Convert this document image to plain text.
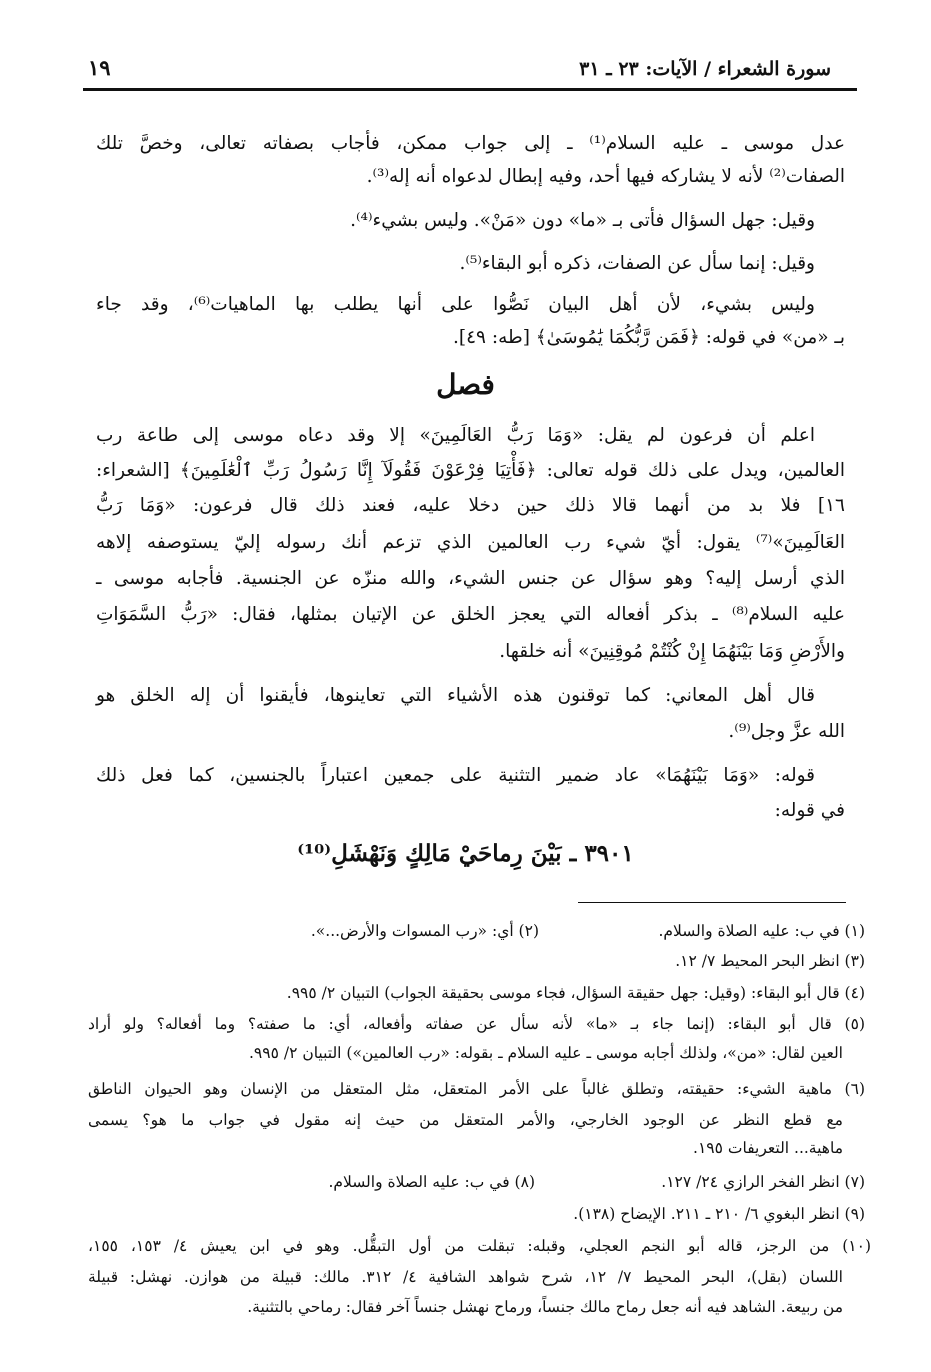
سورة الشعراء / الآيات: ٢٣ ـ ٣١
١٩
عدل موسى ـ عليه السلام⁽¹⁾ ـ إلى جواب ممكن، فأجاب بصفاته تعالى، وخصَّ تلك
الصفات⁽²⁾ لأنه لا يشاركه فيها أحد، وفيه إبطال لدعواه أنه إله⁽³⁾.
وقيل: جهل السؤال فأتى بـ «ما» دون «مَنْ». وليس بشيء⁽⁴⁾.
وقيل: إنما سأل عن الصفات، ذكره أبو البقاء⁽⁵⁾.
وليس بشيء، لأن أهل البيان نَصُّوا على أنها يطلب بها الماهيات⁽⁶⁾، وقد جاء
بـ «من» في قوله: ﴿فَمَن رَّبُّكُمَا يَٰمُوسَىٰ﴾ [طه: ٤٩].
فصل
اعلم أن فرعون لم يقل: «وَمَا رَبُّ العَالَمِينَ» إلا وقد دعاه موسى إلى طاعة رب
العالمين، ويدل على ذلك قوله تعالى: ﴿فَأْتِيَا فِرْعَوْنَ فَقُولَآ إِنَّا رَسُولُ رَبِّ ٱلْعَٰلَمِينَ﴾ [الشعراء:
١٦] فلا بد من أنهما قالا ذلك حين دخلا عليه، فعند ذلك قال فرعون: «وَمَا رَبُّ
العَالَمِينَ»⁽⁷⁾ يقول: أيّ شيء رب العالمين الذي تزعم أنك رسوله إليّ يستوصفه إلاهه
الذي أرسل إليه؟ وهو سؤال عن جنس الشيء، والله منزّه عن الجنسية. فأجابه موسى ـ
عليه السلام⁽⁸⁾ ـ بذكر أفعاله التي يعجز الخلق عن الإتيان بمثلها، فقال: «رَبُّ السَّمَوَاتِ
والأَرْضِ وَمَا بَيْنَهُمَا إِنْ كُنْتُمْ مُوقِنِينَ» أنه خلقها.
قال أهل المعاني: كما توقنون هذه الأشياء التي تعاينوها، فأيقنوا أن إله الخلق هو
الله عزَّ وجل⁽⁹⁾.
قوله: «وَمَا بَيْنَهُمَا» عاد ضمير التثنية على جمعين اعتباراً بالجنسين، كما فعل ذلك
في قوله:
٣٩٠١ ـ بَيْنَ رِماحَيْ مَالِكٍ وَنَهْشَلِ⁽¹⁰⁾
(١) في ب: عليه الصلاة والسلام.
(٢) أي: «رب المسوات والأرض...».
(٣) انظر البحر المحيط ٧/ ١٢.
(٤) قال أبو البقاء: (وقيل: جهل حقيقة السؤال، فجاء موسى بحقيقة الجواب) التبيان ٢/ ٩٩٥.
(٥) قال أبو البقاء: (إنما جاء بـ «ما» لأنه سأل عن صفاته وأفعاله، أي: ما صفته؟ وما أفعاله؟ ولو أراد
العين لقال: «من»، ولذلك أجابه موسى ـ عليه السلام ـ بقوله: «رب العالمين») التبيان ٢/ ٩٩٥.
(٦) ماهية الشيء: حقيقته، وتطلق غالباً على الأمر المتعقل، مثل المتعقل من الإنسان وهو الحيوان الناطق
مع قطع النظر عن الوجود الخارجي، والأمر المتعقل من حيث إنه مقول في جواب ما هو؟ يسمى
ماهية... التعريفات ١٩٥.
(٧) انظر الفخر الرازي ٢٤/ ١٢٧.
(٨) في ب: عليه الصلاة والسلام.
(٩) انظر البغوي ٦/ ٢١٠ ـ ٢١١. الإيضاح (١٣٨).
(١٠) من الرجز، قاله أبو النجم العجلي، وقبله: تبقلت من أول التبقُّل. وهو في ابن يعيش ٤/ ١٥٣، ١٥٥،
اللسان (بقل)، البحر المحيط ٧/ ١٢، شرح شواهد الشافية ٤/ ٣١٢. مالك: قبيلة من هوازن. نهشل: قبيلة
من ربيعة. الشاهد فيه أنه جعل رماح مالك جنساً، ورماح نهشل جنساً آخر فقال: رماحي بالتثنية.
